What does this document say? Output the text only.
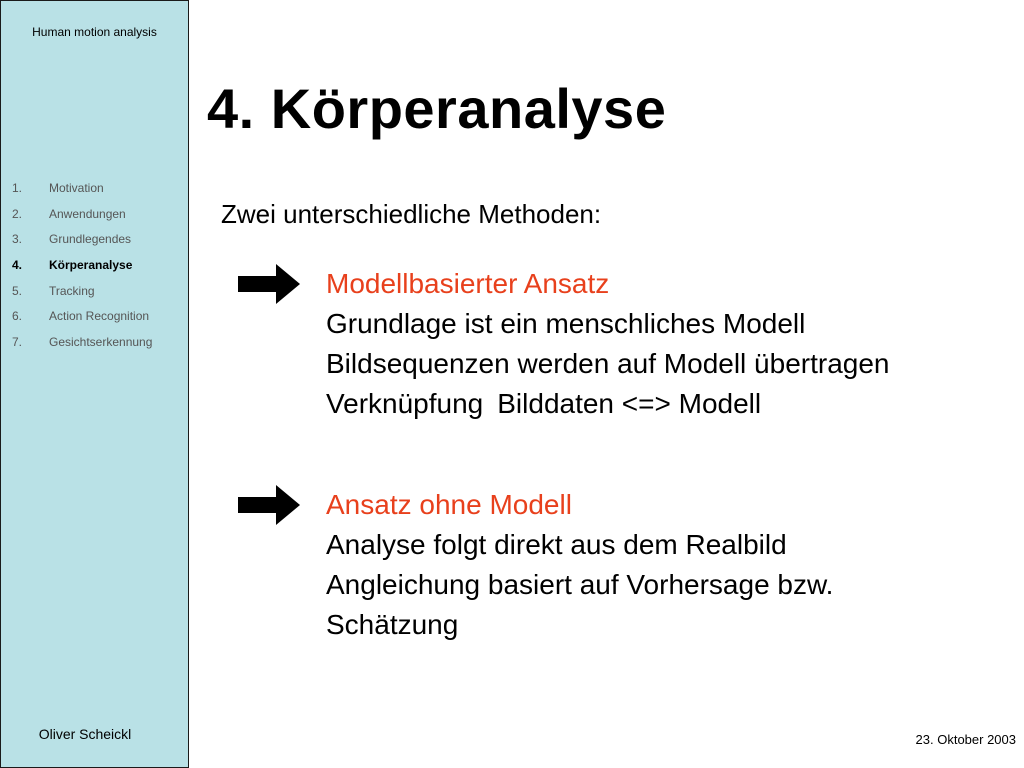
Human motion analysis
1. Motivation
2. Anwendungen
3. Grundlegendes
4. Körperanalyse
5. Tracking
6. Action Recognition
7. Gesichtserkennung
Oliver Scheickl
4. Körperanalyse
Zwei unterschiedliche Methoden:
Modellbasierter Ansatz
Grundlage ist ein menschliches Modell
Bildsequenzen werden auf Modell übertragen
Verknüpfung Bilddaten <=> Modell
Ansatz ohne Modell
Analyse folgt direkt aus dem Realbild
Angleichung basiert auf Vorhersage bzw.
Schätzung
23. Oktober 2003
